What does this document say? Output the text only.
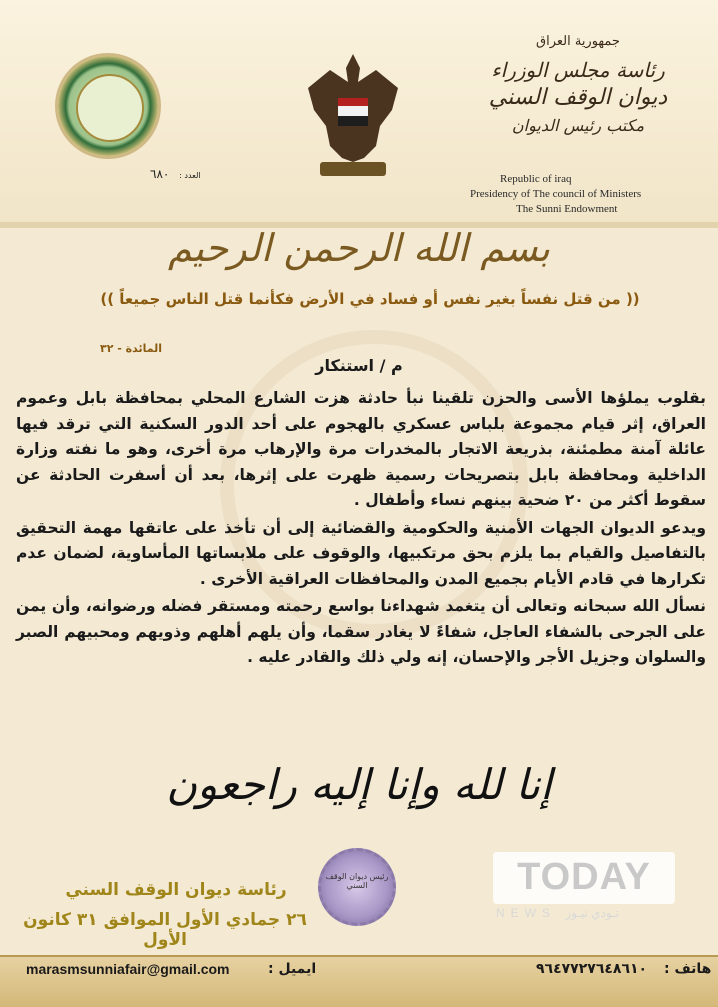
جمهورية العراق
رئاسة مجلس الوزراء
ديوان الوقف السني
مكتب رئيس الديوان
Republic of iraq
Presidency of The council of Ministers
The Sunni Endowment
العدد : ٦٨٠
بسم الله الرحمن الرحيم
(( من قتل نفساً بغير نفس أو فساد في الأرض فكأنما قتل الناس جميعاً ))
المائدة - ٣٢
م / استنكار

بقلوب يملؤها الأسى والحزن تلقينا نبأ حادثة هزت الشارع المحلي بمحافظة بابل وعموم العراق، إثر قيام مجموعة بلباس عسكري بالهجوم على أحد الدور السكنية التي ترقد فيها عائلة آمنة مطمئنة، بذريعة الاتجار بالمخدرات مرة والإرهاب مرة أخرى، وهو ما نفته وزارة الداخلية ومحافظة بابل بتصريحات رسمية ظهرت على إثرها، بعد أن أسفرت الحادثة عن سقوط أكثر من ٢٠ ضحية بينهم نساء وأطفال .

ويدعو الديوان الجهات الأمنية والحكومية والقضائية إلى أن تأخذ على عاتقها مهمة التحقيق بالتفاصيل والقيام بما يلزم بحق مرتكبيها، والوقوف على ملابساتها المأساوية، لضمان عدم تكرارها في قادم الأيام بجميع المدن والمحافظات العراقية الأخرى .

نسأل الله سبحانه وتعالى أن يتغمد شهداءنا بواسع رحمته ومستقر فضله ورضوانه، وأن يمن على الجرحى بالشفاء العاجل، شفاءً لا يغادر سقما، وأن يلهم أهلهم وذويهم ومحبيهم الصبر والسلوان وجزيل الأجر والإحسان، إنه ولي ذلك والقادر عليه .

إنا لله وإنا إليه راجعون
رئيس ديوان الوقف السني
رئاسة ديوان الوقف السني
٢٦ جمادي الأول الموافق ٣١ كانون الأول
TODAY
NEWS تـودي نيـوز
marasmsunniafair@gmail.com	ايميل :	٩٦٤٧٧٢٧٦٤٨٦١٠ هاتف :
